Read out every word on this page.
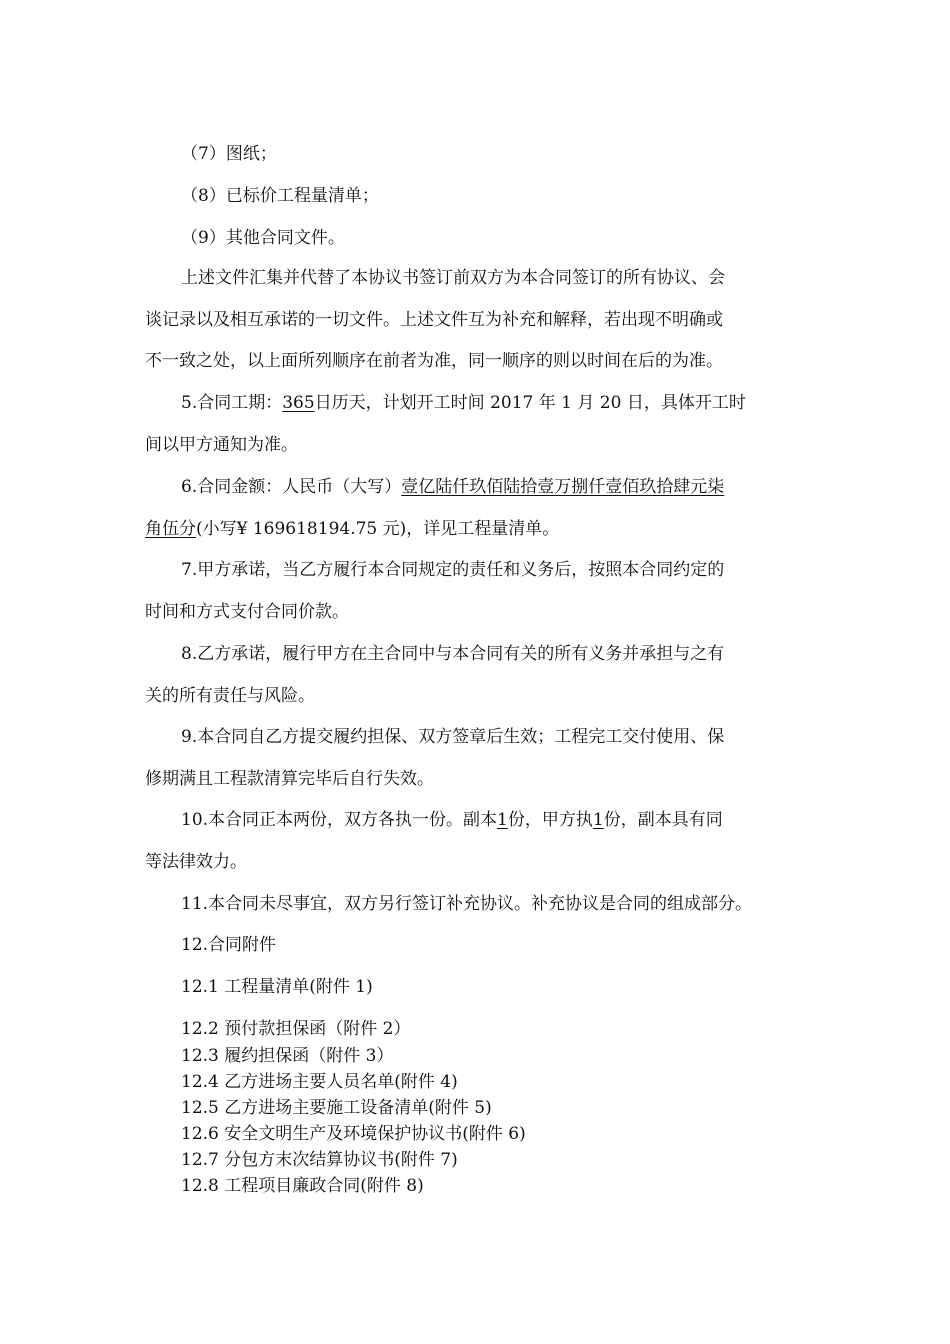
（7）图纸；
（8）已标价工程量清单；
（9）其他合同文件。
上述文件汇集并代替了本协议书签订前双方为本合同签订的所有协议、会
谈记录以及相互承诺的一切文件。上述文件互为补充和解释，若出现不明确或
不一致之处，以上面所列顺序在前者为准，同一顺序的则以时间在后的为准。
5.合同工期：365日历天，计划开工时间 2017 年 1 月 20 日，具体开工时
间以甲方通知为准。
6.合同金额：人民币（大写）壹亿陆仟玖佰陆拾壹万捌仟壹佰玖拾肆元柒
角伍分(小写¥ 169618194.75 元)，详见工程量清单。
7.甲方承诺，当乙方履行本合同规定的责任和义务后，按照本合同约定的
时间和方式支付合同价款。
8.乙方承诺，履行甲方在主合同中与本合同有关的所有义务并承担与之有
关的所有责任与风险。
9.本合同自乙方提交履约担保、双方签章后生效；工程完工交付使用、保
修期满且工程款清算完毕后自行失效。
10.本合同正本两份，双方各执一份。副本1份，甲方执1份，副本具有同
等法律效力。
11.本合同未尽事宜，双方另行签订补充协议。补充协议是合同的组成部分。
12.合同附件
12.1 工程量清单(附件 1)
12.2 预付款担保函（附件 2）
12.3 履约担保函（附件 3）
12.4 乙方进场主要人员名单(附件 4)
12.5 乙方进场主要施工设备清单(附件 5)
12.6 安全文明生产及环境保护协议书(附件 6)
12.7 分包方末次结算协议书(附件 7)
12.8 工程项目廉政合同(附件 8)
